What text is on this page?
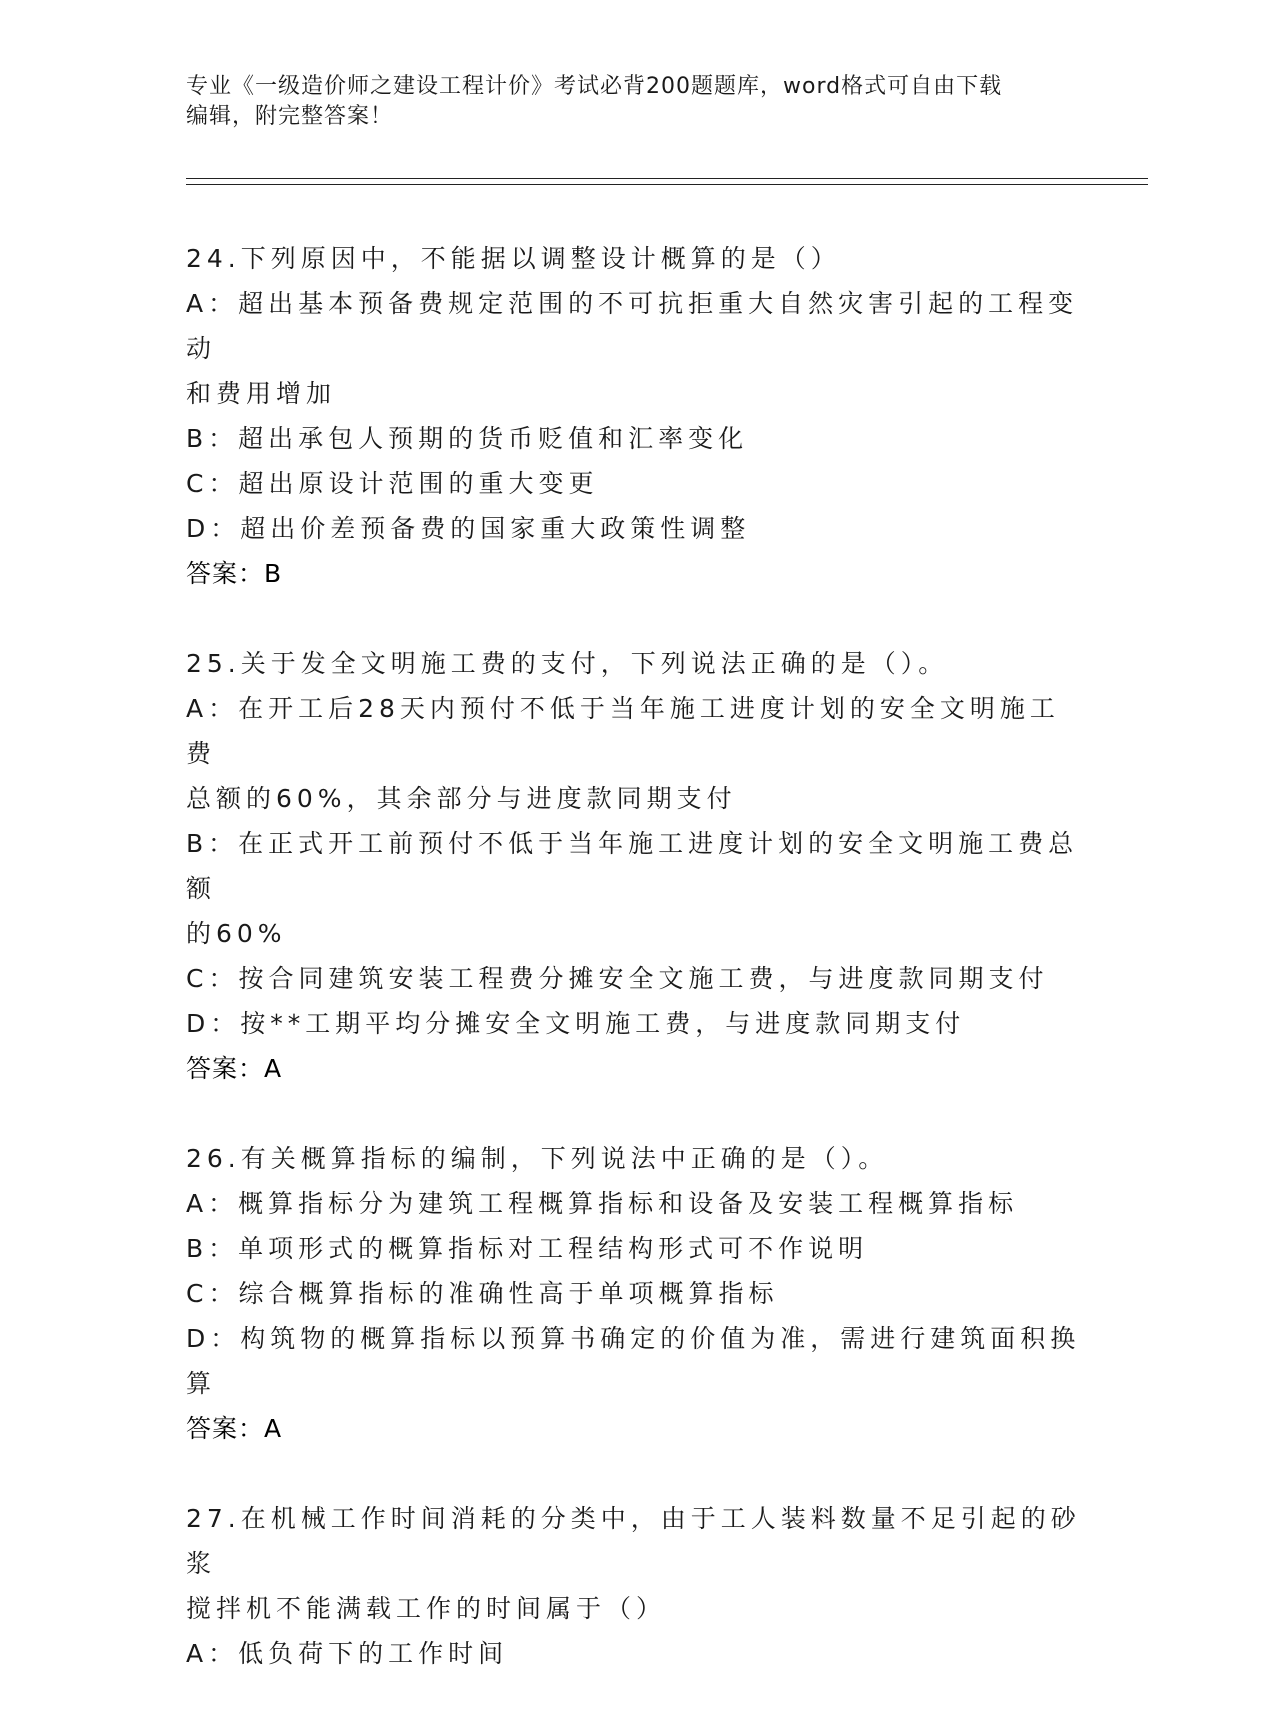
专业《一级造价师之建设工程计价》考试必背200题题库，word格式可自由下载
编辑，附完整答案！
24.下列原因中，不能据以调整设计概算的是（）
A：超出基本预备费规定范围的不可抗拒重大自然灾害引起的工程变动
和费用增加
B：超出承包人预期的货币贬值和汇率变化
C：超出原设计范围的重大变更
D：超出价差预备费的国家重大政策性调整
答案：B
25.关于发全文明施工费的支付，下列说法正确的是（）。
A：在开工后28天内预付不低于当年施工进度计划的安全文明施工费
总额的60%，其余部分与进度款同期支付
B：在正式开工前预付不低于当年施工进度计划的安全文明施工费总额
的60%
C：按合同建筑安装工程费分摊安全文施工费，与进度款同期支付
D：按**工期平均分摊安全文明施工费，与进度款同期支付
答案：A
26.有关概算指标的编制，下列说法中正确的是（）。
A：概算指标分为建筑工程概算指标和设备及安装工程概算指标
B：单项形式的概算指标对工程结构形式可不作说明
C：综合概算指标的准确性高于单项概算指标
D：构筑物的概算指标以预算书确定的价值为准，需进行建筑面积换算
答案：A
27.在机械工作时间消耗的分类中，由于工人装料数量不足引起的砂浆
搅拌机不能满载工作的时间属于（）
A：低负荷下的工作时间
